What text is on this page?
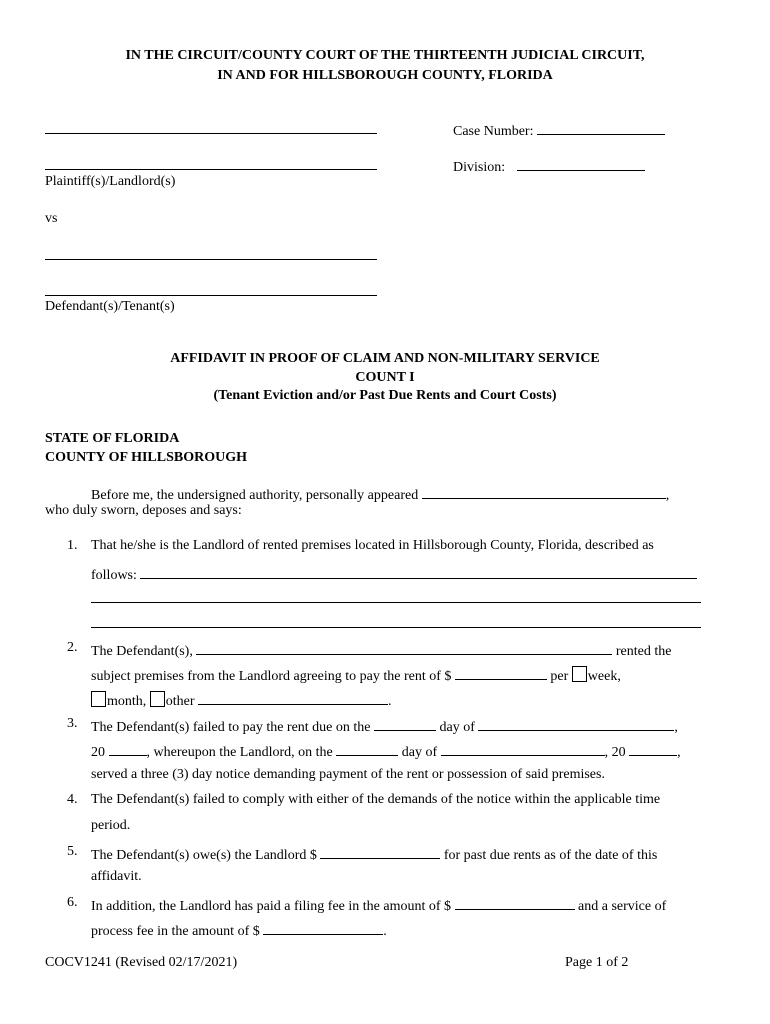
IN THE CIRCUIT/COUNTY COURT OF THE THIRTEENTH JUDICIAL CIRCUIT,
IN AND FOR HILLSBOROUGH COUNTY, FLORIDA
Case Number:
Division:
Plaintiff(s)/Landlord(s)
vs
Defendant(s)/Tenant(s)
AFFIDAVIT IN PROOF OF CLAIM AND NON-MILITARY SERVICE
COUNT I
(Tenant Eviction and/or Past Due Rents and Court Costs)
STATE OF FLORIDA
COUNTY OF HILLSBOROUGH
Before me, the undersigned authority, personally appeared	,
who duly sworn, deposes and says:
1. That he/she is the Landlord of rented premises located in Hillsborough County, Florida, described as
follows:
2. The Defendant(s),	rented the
subject premises from the Landlord agreeing to pay the rent of $	per week,
month, other	.
3. The Defendant(s) failed to pay the rent due on the	day of	,
20	, whereupon the Landlord, on the	day of	, 20	,
served a three (3) day notice demanding payment of the rent or possession of said premises.
4. The Defendant(s) failed to comply with either of the demands of the notice within the applicable time
period.
5. The Defendant(s) owe(s) the Landlord $	for past due rents as of the date of this
affidavit.
6. In addition, the Landlord has paid a filing fee in the amount of $	and a service of
process fee in the amount of $	.
COCV1241 (Revised 02/17/2021)	Page 1 of 2
